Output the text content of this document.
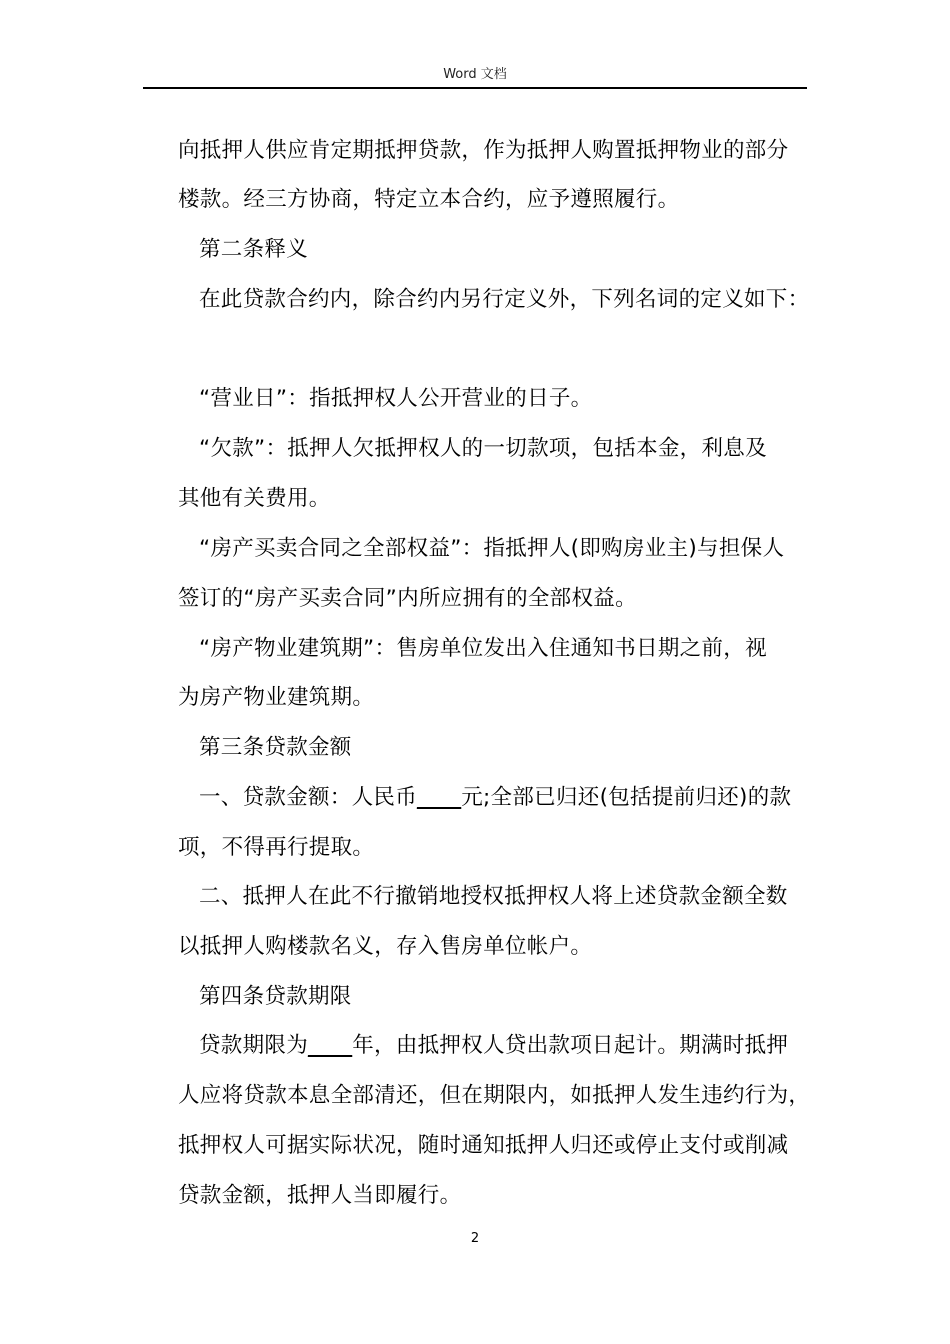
Word 文档
向抵押人供应肯定期抵押贷款，作为抵押人购置抵押物业的部分
楼款。经三方协商，特定立本合约，应予遵照履行。
第二条释义
在此贷款合约内，除合约内另行定义外，下列名词的定义如下：
“营业日”：指抵押权人公开营业的日子。
“欠款”：抵押人欠抵押权人的一切款项，包括本金，利息及
其他有关费用。
“房产买卖合同之全部权益”：指抵押人(即购房业主)与担保人
签订的“房产买卖合同”内所应拥有的全部权益。
“房产物业建筑期”：售房单位发出入住通知书日期之前，视
为房产物业建筑期。
第三条贷款金额
一、贷款金额：人民币____元;全部已归还(包括提前归还)的款
项，不得再行提取。
二、抵押人在此不行撤销地授权抵押权人将上述贷款金额全数
以抵押人购楼款名义，存入售房单位帐户。
第四条贷款期限
贷款期限为____年，由抵押权人贷出款项日起计。期满时抵押
人应将贷款本息全部清还，但在期限内，如抵押人发生违约行为，
抵押权人可据实际状况，随时通知抵押人归还或停止支付或削减
贷款金额，抵押人当即履行。
2
